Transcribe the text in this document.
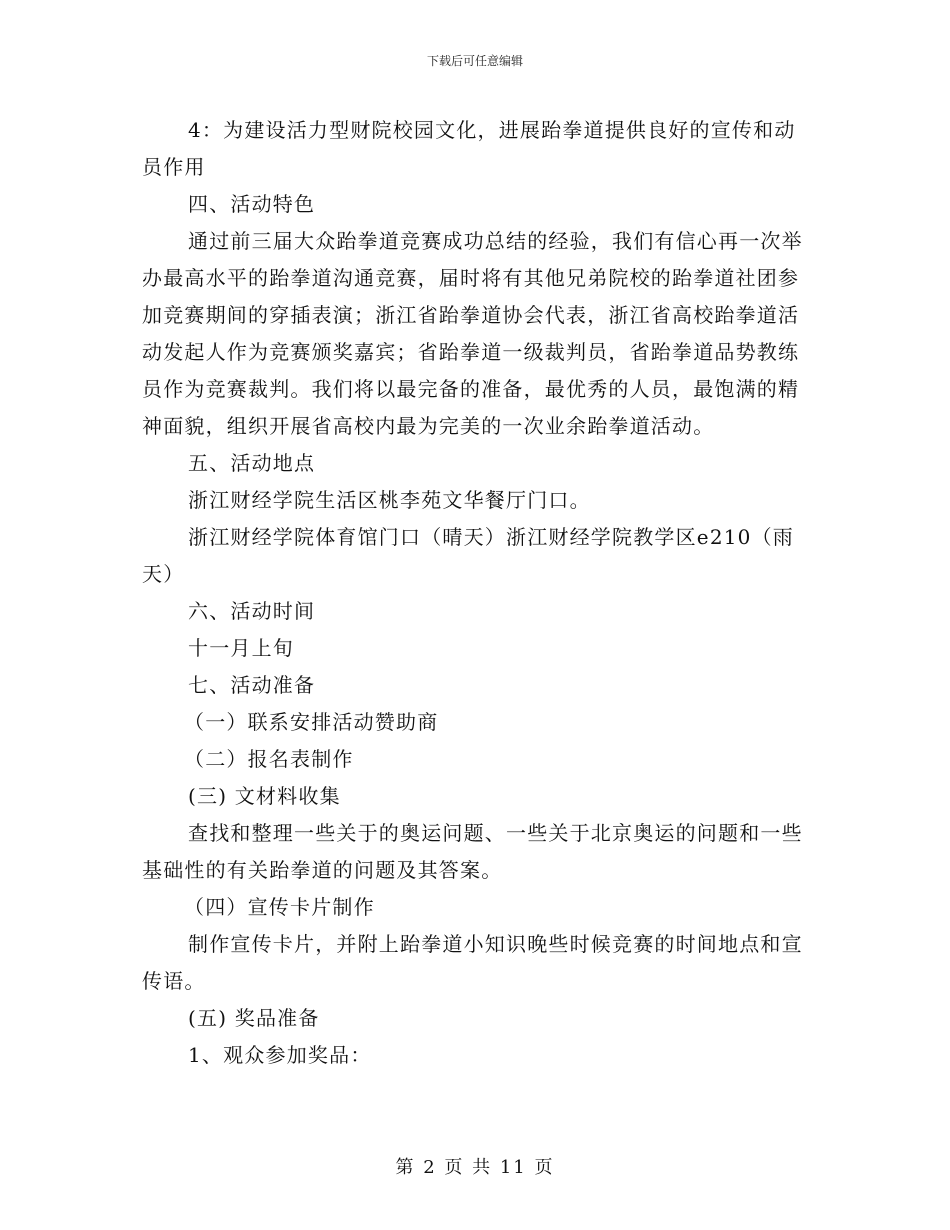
下载后可任意编辑

4：为建设活力型财院校园文化，进展跆拳道提供良好的宣传和动员作用

四、活动特色

通过前三届大众跆拳道竞赛成功总结的经验，我们有信心再一次举办最高水平的跆拳道沟通竞赛，届时将有其他兄弟院校的跆拳道社团参加竞赛期间的穿插表演；浙江省跆拳道协会代表，浙江省高校跆拳道活动发起人作为竞赛颁奖嘉宾；省跆拳道一级裁判员，省跆拳道品势教练员作为竞赛裁判。我们将以最完备的准备，最优秀的人员，最饱满的精神面貌，组织开展省高校内最为完美的一次业余跆拳道活动。

五、活动地点

浙江财经学院生活区桃李苑文华餐厅门口。

浙江财经学院体育馆门口（晴天）浙江财经学院教学区e210（雨天）

六、活动时间

十一月上旬

七、活动准备

（一）联系安排活动赞助商

（二）报名表制作

(三) 文材料收集

查找和整理一些关于的奥运问题、一些关于北京奥运的问题和一些基础性的有关跆拳道的问题及其答案。

（四）宣传卡片制作

制作宣传卡片，并附上跆拳道小知识晚些时候竞赛的时间地点和宣传语。

(五) 奖品准备

1、观众参加奖品：

第 2 页 共 11 页
